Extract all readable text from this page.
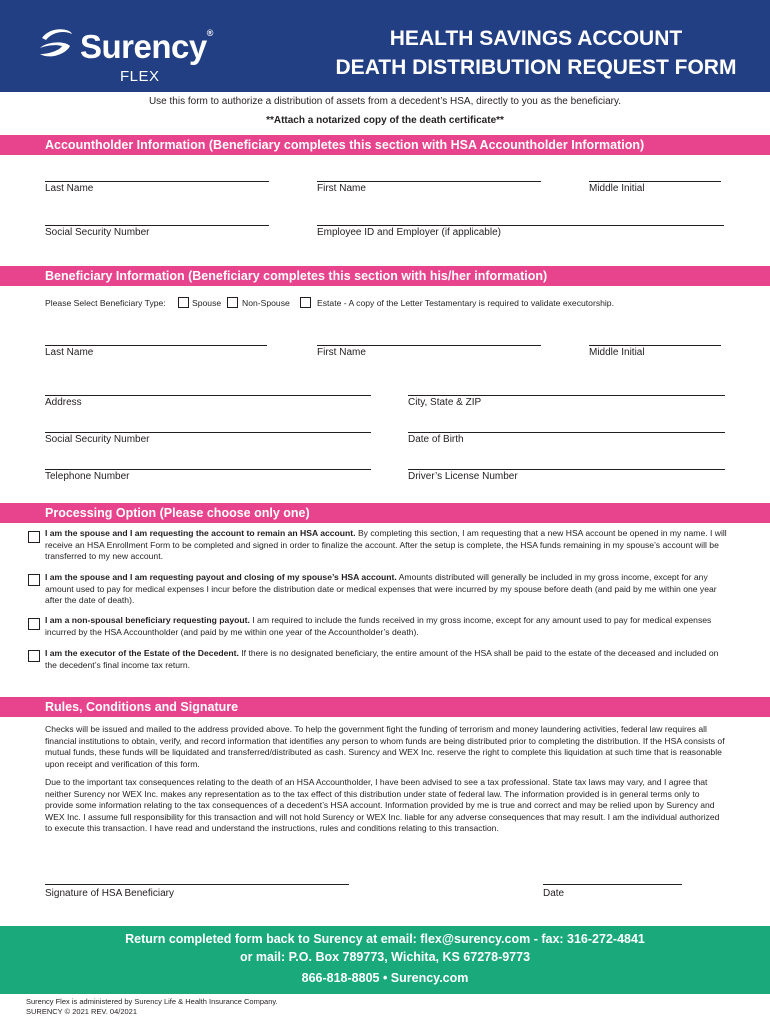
Surency®
FLEX
HEALTH SAVINGS ACCOUNT
DEATH DISTRIBUTION REQUEST FORM
Use this form to authorize a distribution of assets from a decedent’s HSA, directly to you as the beneficiary.
**Attach a notarized copy of the death certificate**
Accountholder Information (Beneficiary completes this section with HSA Accountholder Information)
Last Name	First Name	Middle Initial
Social Security Number	Employee ID and Employer (if applicable)
Beneficiary Information (Beneficiary completes this section with his/her information)
Please Select Beneficiary Type:	Spouse Non-Spouse	Estate - A copy of the Letter Testamentary is required to validate executorship.
Last Name	First Name	Middle Initial
Address	City, State & ZIP
Social Security Number	Date of Birth
Telephone Number	Driver’s License Number
Processing Option (Please choose only one)
I am the spouse and I am requesting the account to remain an HSA account. By completing this section, I am requesting that a new HSA account be opened in my name. I will receive an HSA Enrollment Form to be completed and signed in order to finalize the account. After the setup is complete, the HSA funds remaining in my spouse’s account will be transferred to my new account.
I am the spouse and I am requesting payout and closing of my spouse’s HSA account. Amounts distributed will generally be included in my gross income, except for any amount used to pay for medical expenses I incur before the distribution date or medical expenses that were incurred by my spouse before death (and paid by me within one year after the date of death).
I am a non-spousal beneficiary requesting payout. I am required to include the funds received in my gross income, except for any amount used to pay for medical expenses incurred by the HSA Accountholder (and paid by me within one year of the Accountholder’s death).
I am the executor of the Estate of the Decedent. If there is no designated beneficiary, the entire amount of the HSA shall be paid to the estate of the deceased and included on the decedent’s final income tax return.
Rules, Conditions and Signature
Checks will be issued and mailed to the address provided above. To help the government fight the funding of terrorism and money laundering activities, federal law requires all financial institutions to obtain, verify, and record information that identifies any person to whom funds are being distributed prior to completing the distribution. If the HSA consists of mutual funds, these funds will be liquidated and transferred/distributed as cash. Surency and WEX Inc. reserve the right to complete this liquidation at such time that is reasonable upon receipt and verification of this form.
Due to the important tax consequences relating to the death of an HSA Accountholder, I have been advised to see a tax professional. State tax laws may vary, and I agree that neither Surency nor WEX Inc. makes any representation as to the tax effect of this distribution under state of federal law. The information provided is in general terms only to provide some information relating to the tax consequences of a decedent’s HSA account. Information provided by me is true and correct and may be relied upon by Surency and WEX Inc. I assume full responsibility for this transaction and will not hold Surency or WEX Inc. liable for any adverse consequences that may result. I am the individual authorized to execute this transaction. I have read and understand the instructions, rules and conditions relating to this transaction.
Signature of HSA Beneficiary	Date
Return completed form back to Surency at email: flex@surency.com - fax: 316-272-4841
or mail: P.O. Box 789773, Wichita, KS 67278-9773
866-818-8805 • Surency.com
Surency Flex is administered by Surency Life & Health Insurance Company.
SURENCY © 2021 REV. 04/2021
